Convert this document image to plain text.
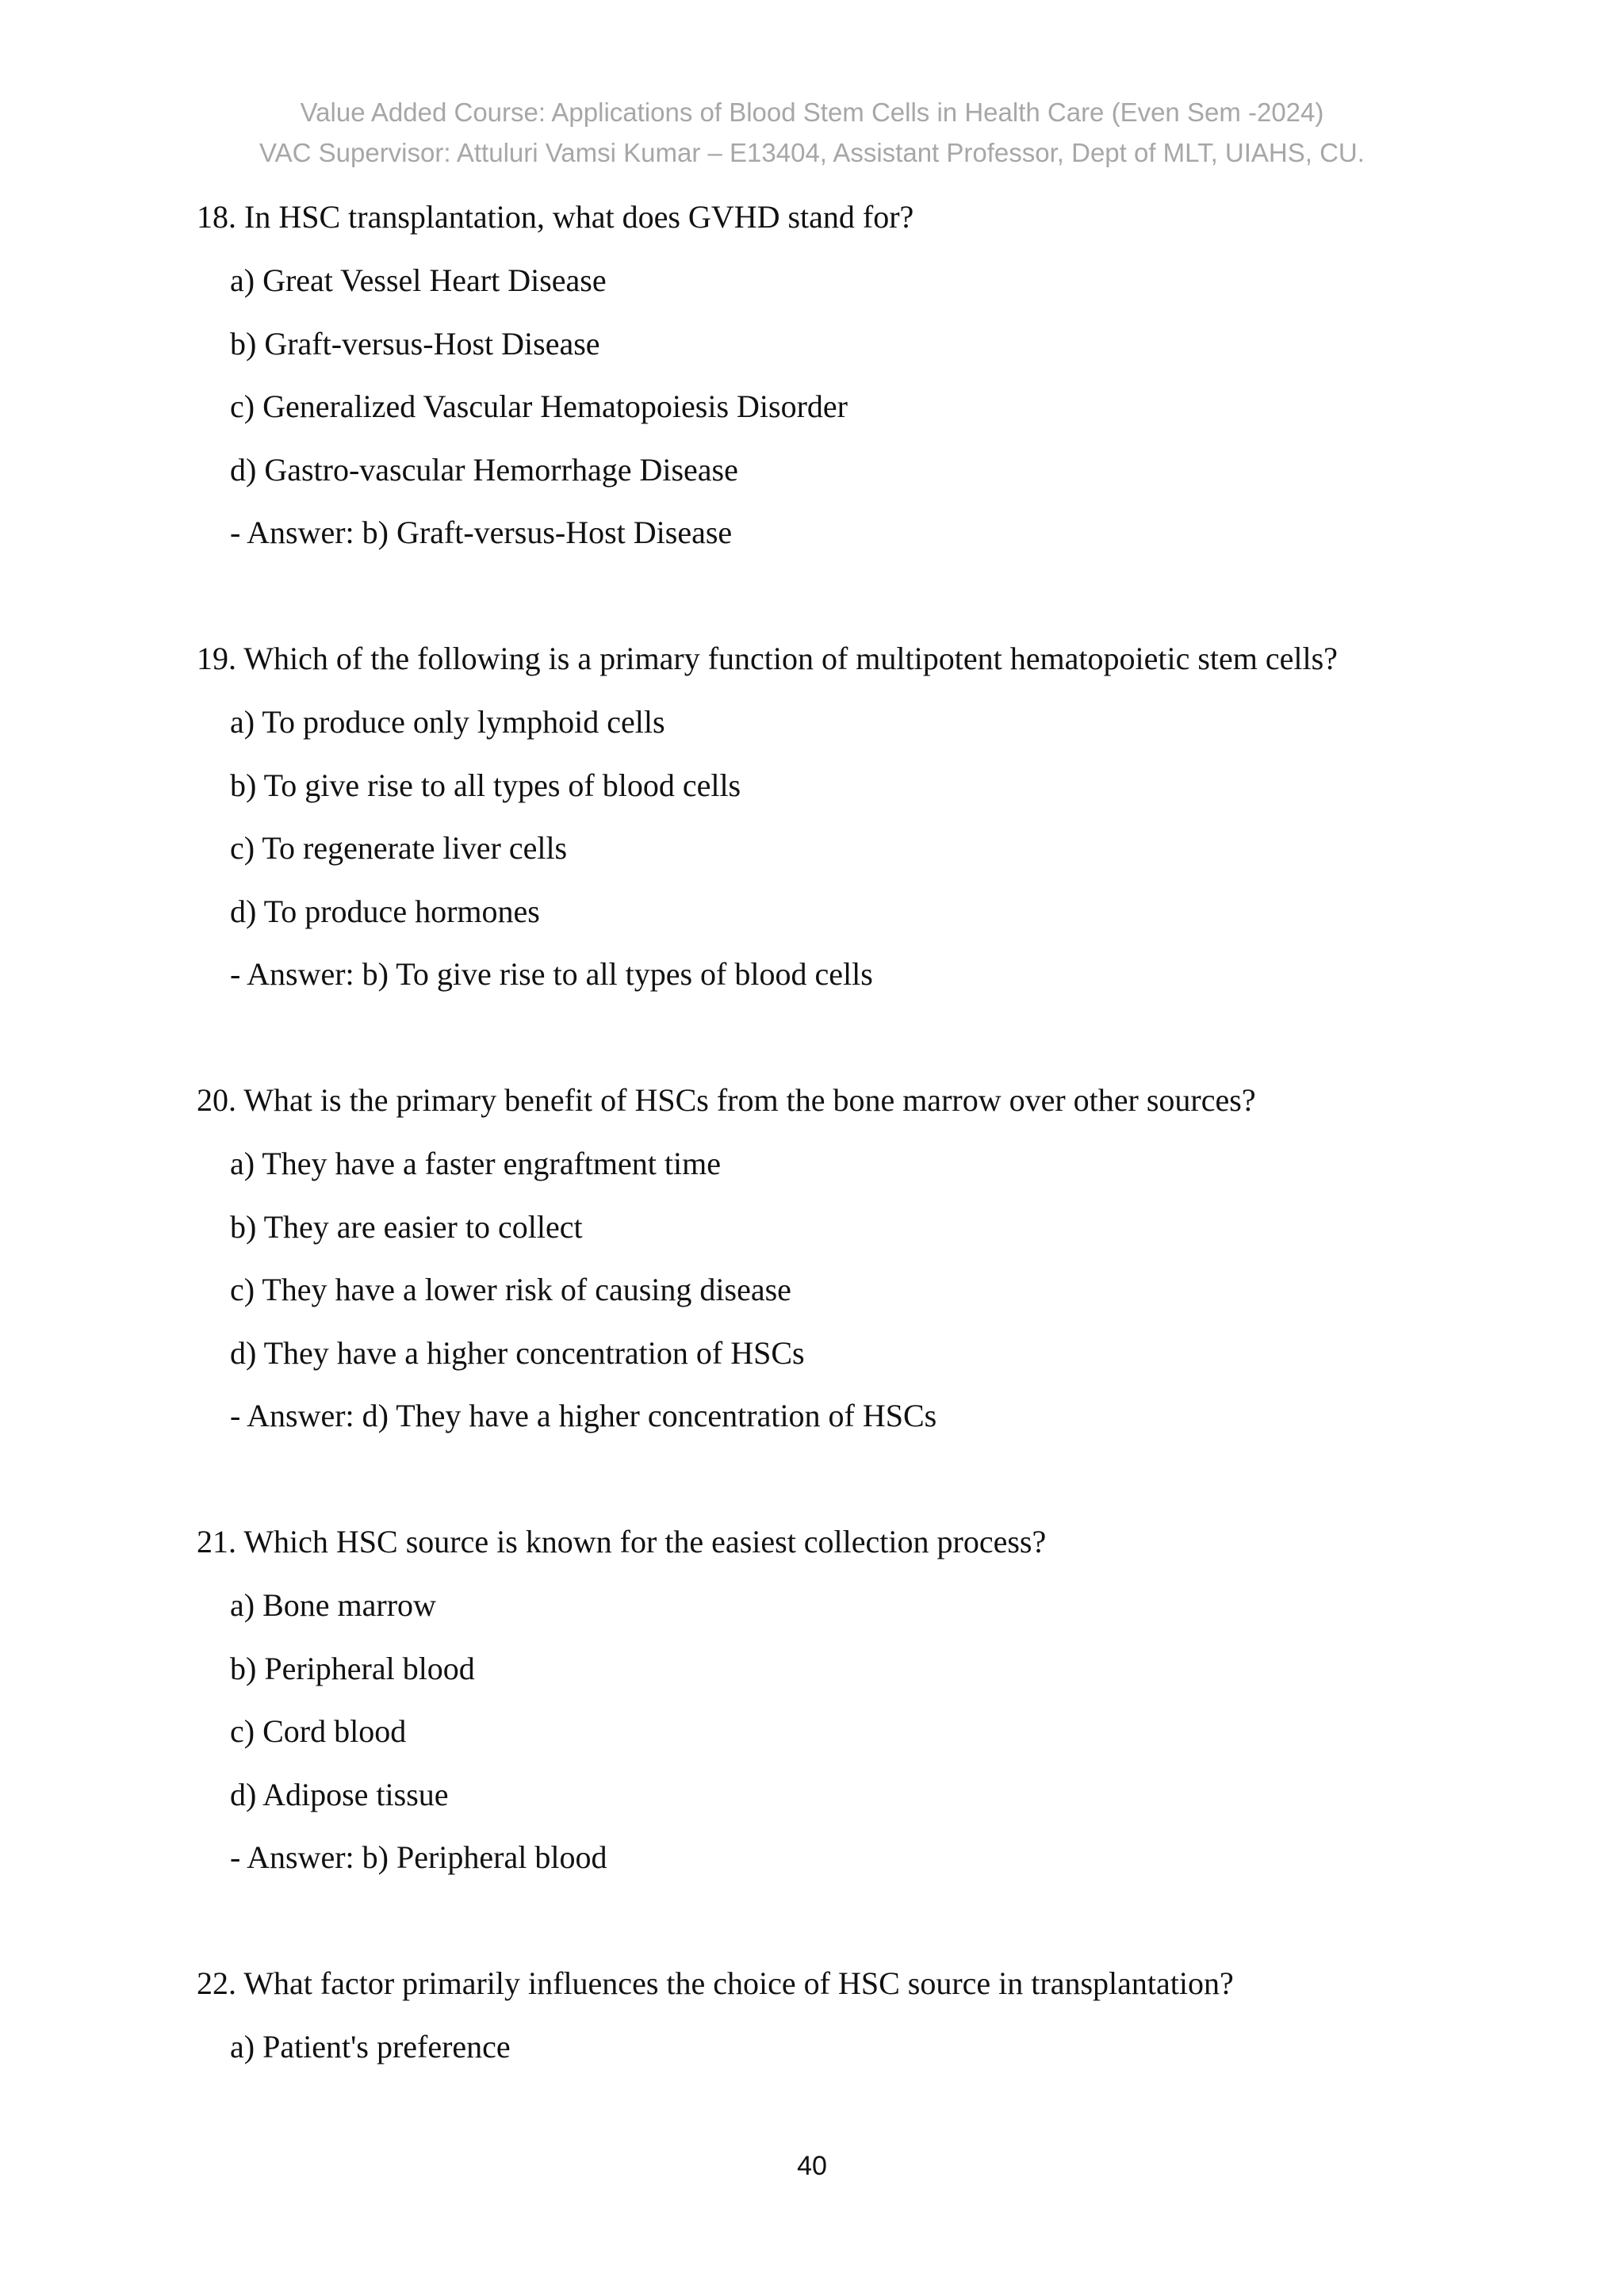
Value Added Course: Applications of Blood Stem Cells in Health Care (Even Sem -2024)
VAC Supervisor: Attuluri Vamsi Kumar – E13404, Assistant Professor, Dept of MLT, UIAHS, CU.
18. In HSC transplantation, what does GVHD stand for?
a) Great Vessel Heart Disease
b) Graft-versus-Host Disease
c) Generalized Vascular Hematopoiesis Disorder
d) Gastro-vascular Hemorrhage Disease
- Answer: b) Graft-versus-Host Disease
19. Which of the following is a primary function of multipotent hematopoietic stem cells?
a) To produce only lymphoid cells
b) To give rise to all types of blood cells
c) To regenerate liver cells
d) To produce hormones
- Answer: b) To give rise to all types of blood cells
20. What is the primary benefit of HSCs from the bone marrow over other sources?
a) They have a faster engraftment time
b) They are easier to collect
c) They have a lower risk of causing disease
d) They have a higher concentration of HSCs
- Answer: d) They have a higher concentration of HSCs
21. Which HSC source is known for the easiest collection process?
a) Bone marrow
b) Peripheral blood
c) Cord blood
d) Adipose tissue
- Answer: b) Peripheral blood
22. What factor primarily influences the choice of HSC source in transplantation?
a) Patient's preference
40
